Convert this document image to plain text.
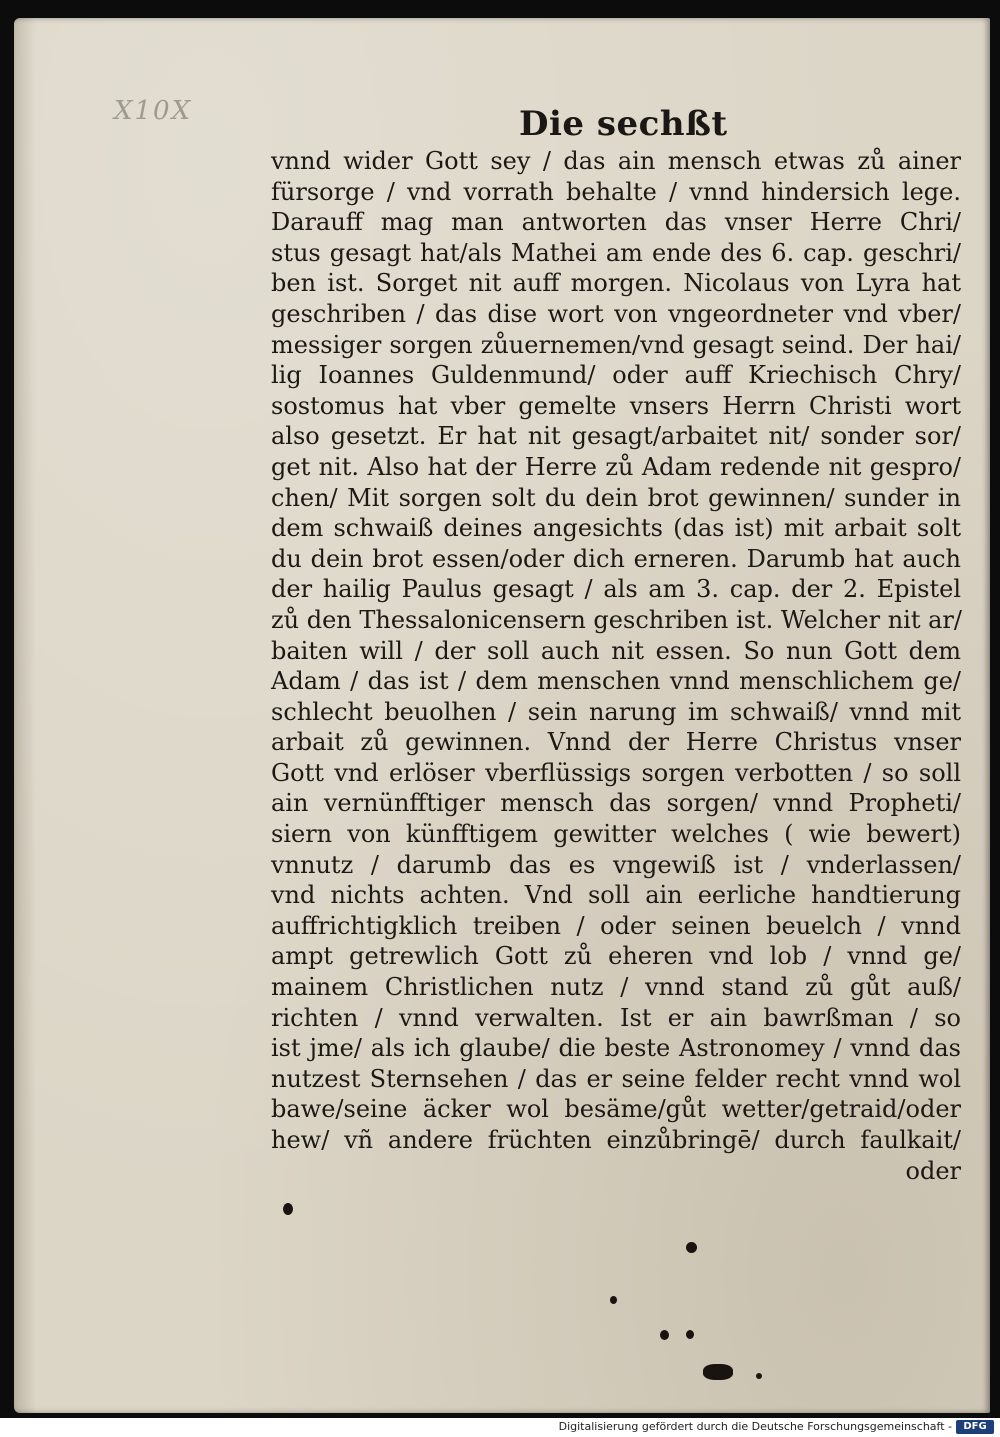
X10X	Die sechßt
vnnd wider Gott sey / das ain mensch etwas zů ainer
fürsorge / vnd vorrath behalte / vnnd hindersich lege.
Darauff mag man antworten das vnser Herre Chri/
stus gesagt hat/als Mathei am ende des 6. cap. geschri/
ben ist. Sorget nit auff morgen. Nicolaus von Lyra hat
geschriben / das dise wort von vngeordneter vnd vber/
messiger sorgen zůuernemen/vnd gesagt seind. Der hai/
lig Ioannes Guldenmund/ oder auff Kriechisch Chry/
sostomus hat vber gemelte vnsers Herrn Christi wort
also gesetzt. Er hat nit gesagt/arbaitet nit/ sonder sor/
get nit. Also hat der Herre zů Adam redende nit gespro/
chen/ Mit sorgen solt du dein brot gewinnen/ sunder in
dem schwaiß deines angesichts (das ist) mit arbait solt
du dein brot essen/oder dich erneren. Darumb hat auch
der hailig Paulus gesagt / als am 3. cap. der 2. Epistel
zů den Thessalonicensern geschriben ist. Welcher nit ar/
baiten will / der soll auch nit essen. So nun Gott dem
Adam / das ist / dem menschen vnnd menschlichem ge/
schlecht beuolhen / sein narung im schwaiß/ vnnd mit
arbait zů gewinnen. Vnnd der Herre Christus vnser
Gott vnd erlöser vberflüssigs sorgen verbotten / so soll
ain vernünfftiger mensch das sorgen/ vnnd Propheti/
siern von künfftigem gewitter welches ( wie bewert)
vnnutz / darumb das es vngewiß ist / vnderlassen/
vnd nichts achten. Vnd soll ain eerliche handtierung
auffrichtigklich treiben / oder seinen beuelch / vnnd
ampt getrewlich Gott zů eheren vnd lob / vnnd ge/
mainem Christlichen nutz / vnnd stand zů gůt auß/
richten / vnnd verwalten. Ist er ain bawrßman / so
ist jme/ als ich glaube/ die beste Astronomey / vnnd das
nutzest Sternsehen / das er seine felder recht vnnd wol
bawe/seine äcker wol besäme/gůt wetter/getraid/oder
hew/ vñ andere früchten einzůbringē/ durch faulkait/
oder
Digitalisierung gefördert durch die Deutsche Forschungsgemeinschaft -	DFG
